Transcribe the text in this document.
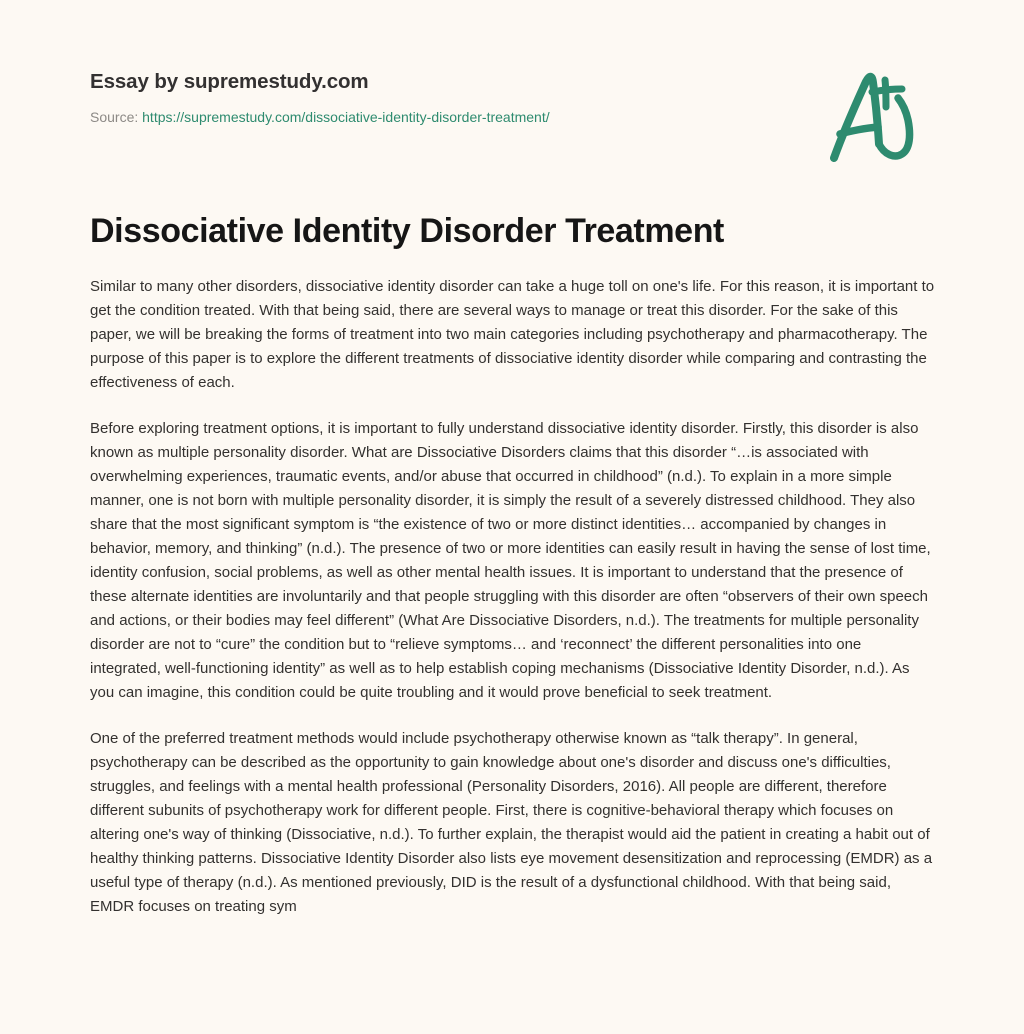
Essay by supremestudy.com
Source: https://supremestudy.com/dissociative-identity-disorder-treatment/
Dissociative Identity Disorder Treatment

Similar to many other disorders, dissociative identity disorder can take a huge toll on one's life. For this reason, it is important to get the condition treated. With that being said, there are several ways to manage or treat this disorder. For the sake of this paper, we will be breaking the forms of treatment into two main categories including psychotherapy and pharmacotherapy. The purpose of this paper is to explore the different treatments of dissociative identity disorder while comparing and contrasting the effectiveness of each.

Before exploring treatment options, it is important to fully understand dissociative identity disorder. Firstly, this disorder is also known as multiple personality disorder. What are Dissociative Disorders claims that this disorder “…is associated with overwhelming experiences, traumatic events, and/or abuse that occurred in childhood” (n.d.). To explain in a more simple manner, one is not born with multiple personality disorder, it is simply the result of a severely distressed childhood. They also share that the most significant symptom is “the existence of two or more distinct identities… accompanied by changes in behavior, memory, and thinking” (n.d.). The presence of two or more identities can easily result in having the sense of lost time, identity confusion, social problems, as well as other mental health issues. It is important to understand that the presence of these alternate identities are involuntarily and that people struggling with this disorder are often “observers of their own speech and actions, or their bodies may feel different” (What Are Dissociative Disorders, n.d.). The treatments for multiple personality disorder are not to “cure” the condition but to “relieve symptoms… and ‘reconnect’ the different personalities into one integrated, well-functioning identity” as well as to help establish coping mechanisms (Dissociative Identity Disorder, n.d.). As you can imagine, this condition could be quite troubling and it would prove beneficial to seek treatment.

One of the preferred treatment methods would include psychotherapy otherwise known as “talk therapy”. In general, psychotherapy can be described as the opportunity to gain knowledge about one's disorder and discuss one's difficulties, struggles, and feelings with a mental health professional (Personality Disorders, 2016). All people are different, therefore different subunits of psychotherapy work for different people. First, there is cognitive-behavioral therapy which focuses on altering one's way of thinking (Dissociative, n.d.). To further explain, the therapist would aid the patient in creating a habit out of healthy thinking patterns. Dissociative Identity Disorder also lists eye movement desensitization and reprocessing (EMDR) as a useful type of therapy (n.d.). As mentioned previously, DID is the result of a dysfunctional childhood. With that being said, EMDR focuses on treating sym
